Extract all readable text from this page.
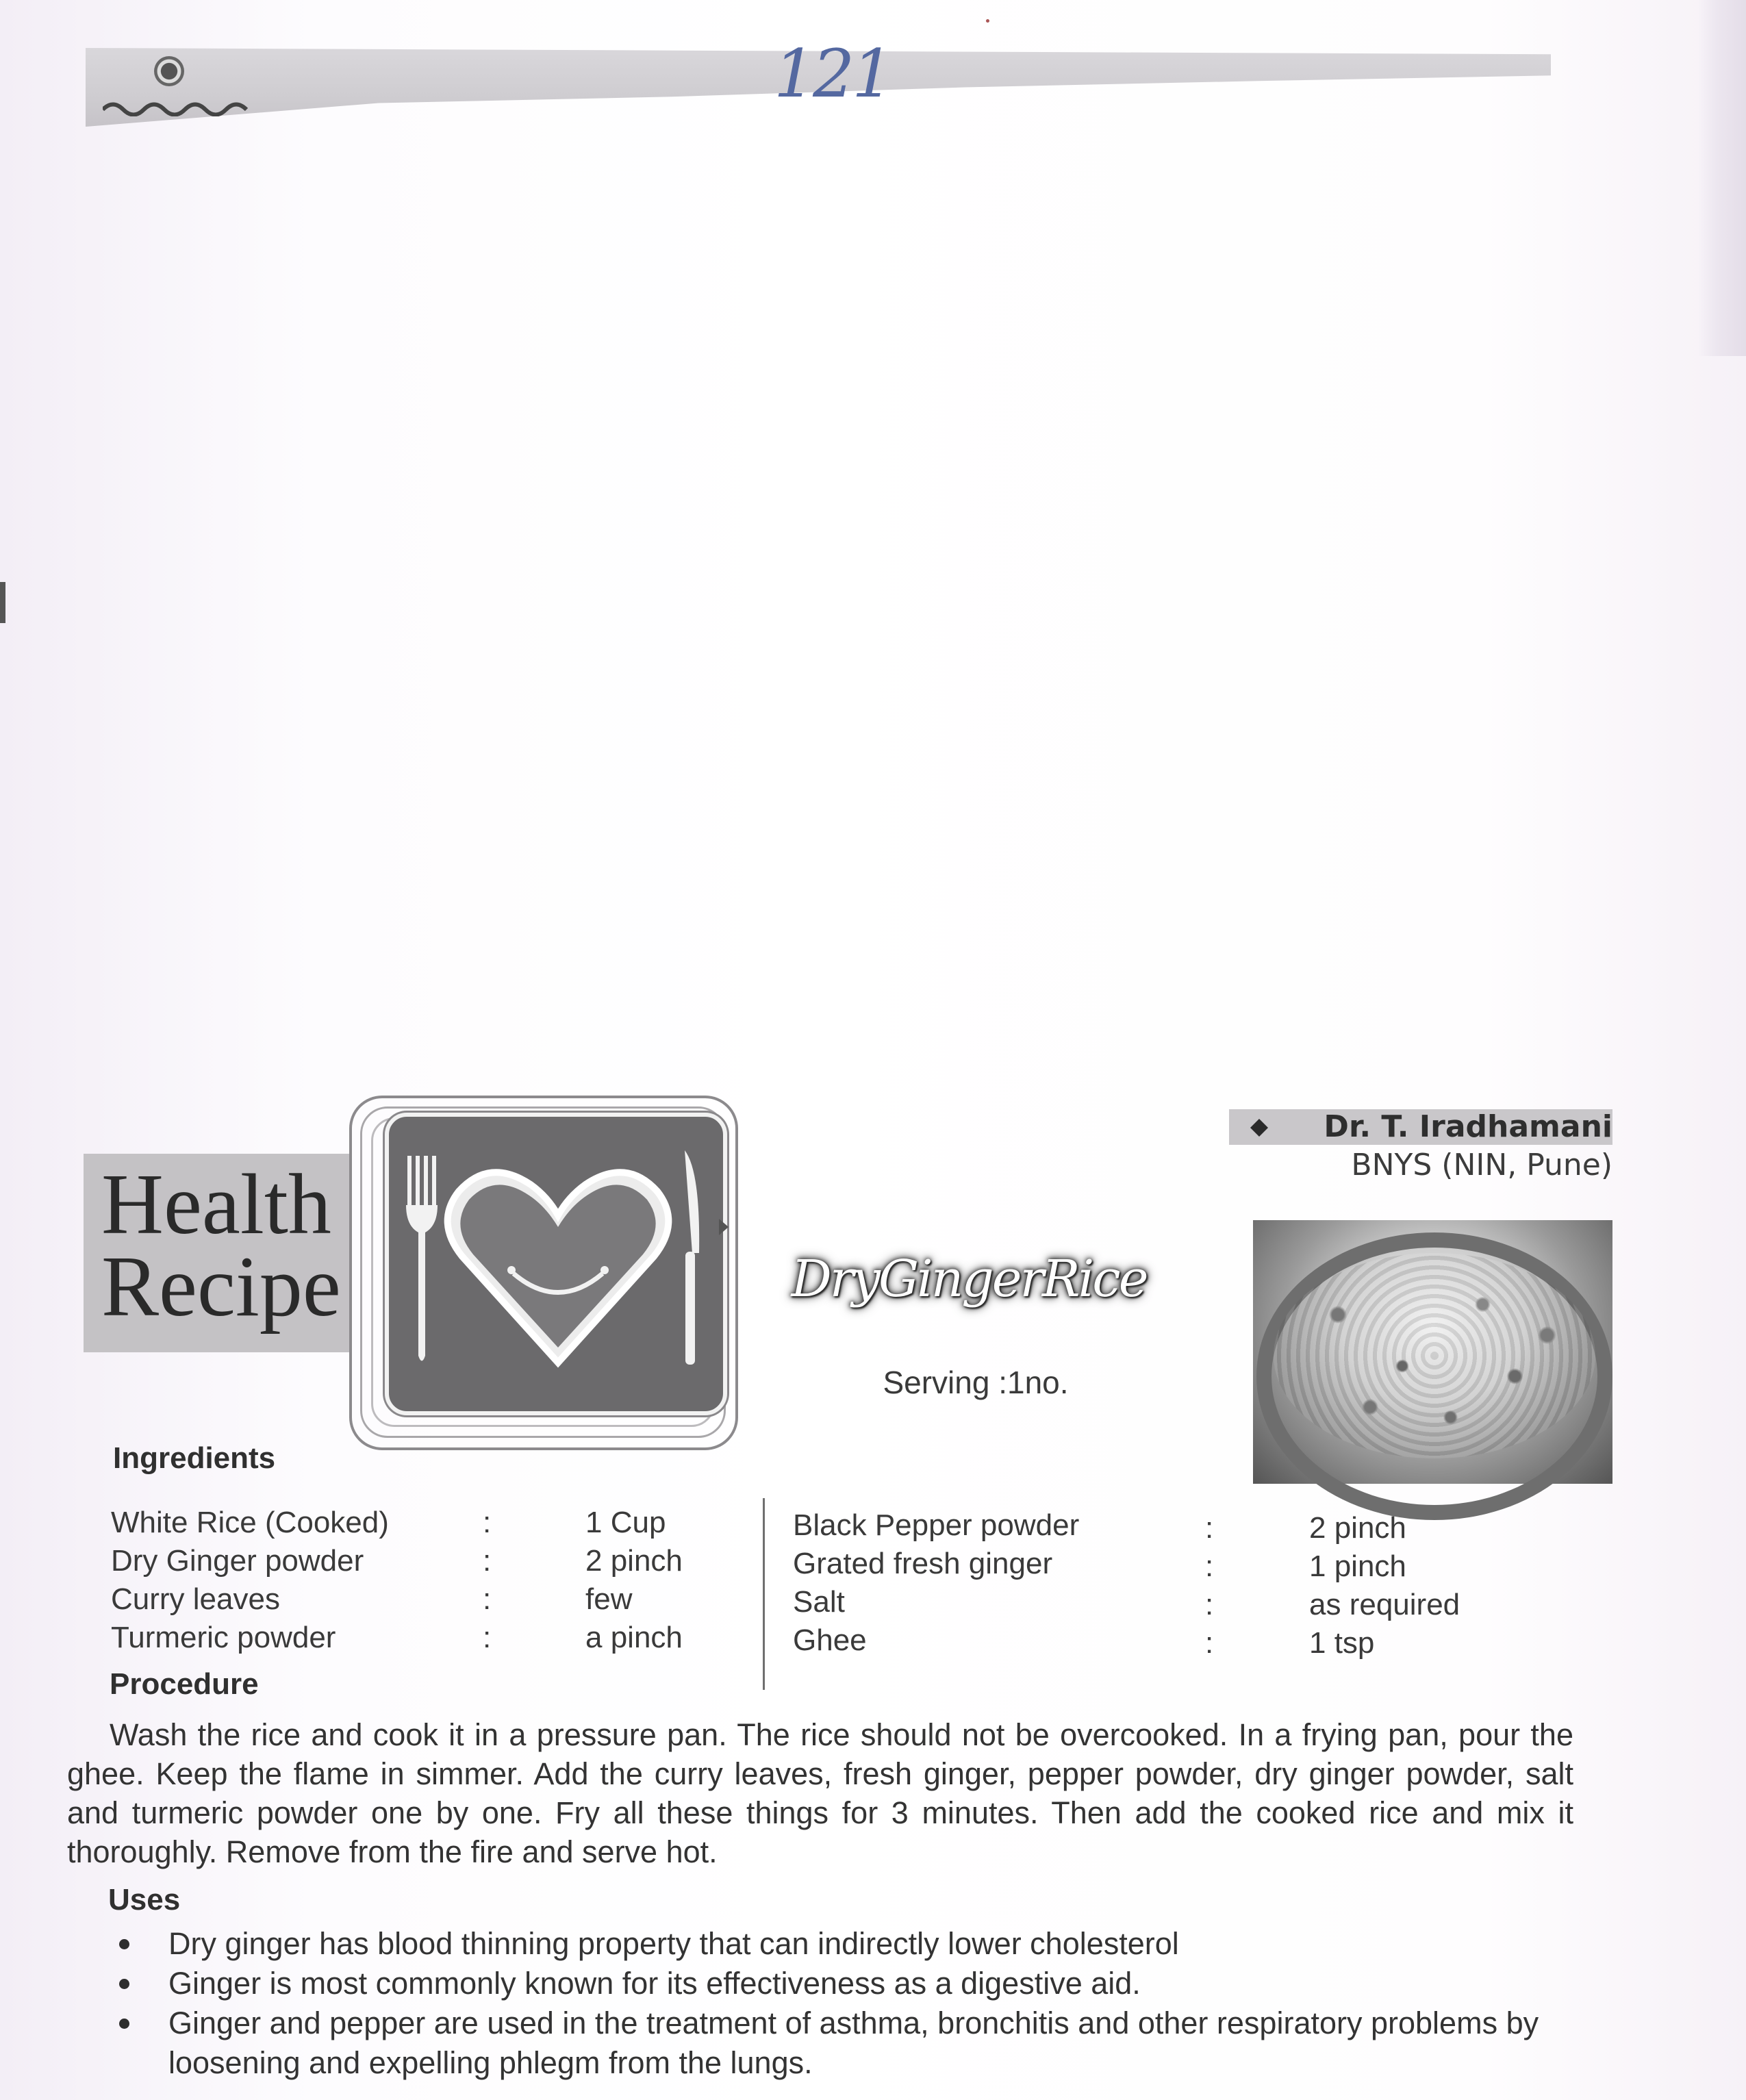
121
Health
Recipe
Dr. T. Iradhamani
BNYS (NIN, Pune)
DryGingerRice
Serving :1no.
Ingredients
White Rice (Cooked)
Dry Ginger powder
Curry leaves
Turmeric powder
:
:
:
:
1 Cup
2 pinch
few
a pinch
Black Pepper powder
Grated fresh ginger
Salt
Ghee
:
:
:
:
2 pinch
1 pinch
as required
1 tsp
Procedure
Wash the rice and cook it in a pressure pan. The rice should not be overcooked. In a frying pan, pour the ghee. Keep the flame in simmer. Add the curry leaves, fresh ginger, pepper powder, dry ginger powder, salt and turmeric powder one by one. Fry all these things for 3 minutes. Then add the cooked rice and mix it thoroughly. Remove from the fire and serve hot.
Uses
Dry ginger has blood thinning property that can indirectly lower cholesterol
Ginger is most commonly known for its effectiveness as a digestive aid.
Ginger and pepper are used in the treatment of asthma, bronchitis and other respiratory problems by loosening and expelling phlegm from the lungs.
